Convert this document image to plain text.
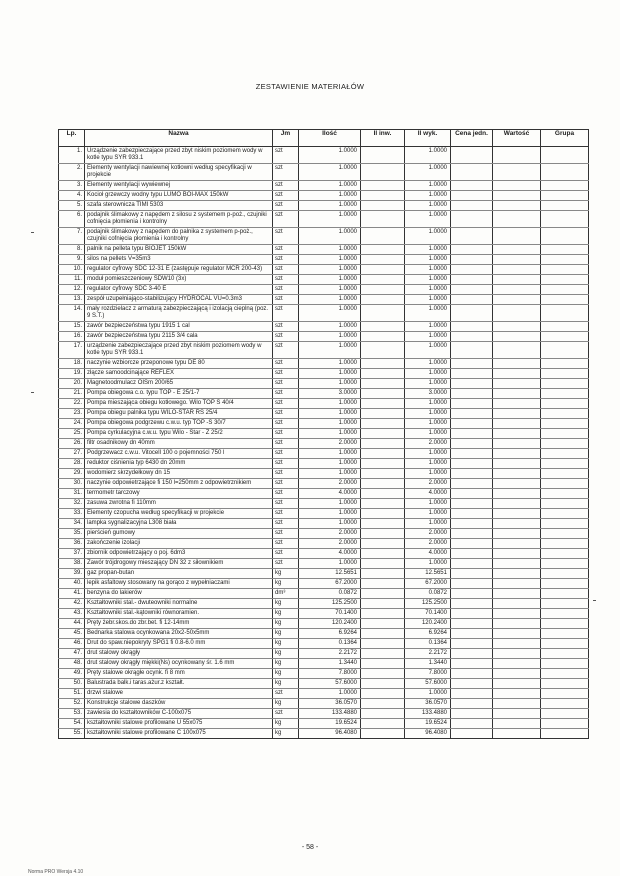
ZESTAWIENIE MATERIAŁÓW
Lp.	Nazwa	Jm	Ilość	Il inw.	Il wyk.	Cena jedn.	Wartość	Grupa
1.	Urządzenie zabezpieczające przed zbyt niskim poziomem wody w kotle typu SYR 933.1	szt	1.0000		1.0000			
2.	Elementy wentylacji nawiewnej kotłowni według specyfikacji w projekcie	szt	1.0000		1.0000			
3.	Elementy wentylacji wywiewnej	szt	1.0000		1.0000			
4.	Kocioł grzewczy wodny typu LUMO BOI-MAX 150kW	szt	1.0000		1.0000			
5.	szafa sterownicza TIMI 5303	szt	1.0000		1.0000			
6.	podajnik ślimakowy z napędem z silosu z systemem p-poż., czujniki cofnięcia płomienia i kontrolny	szt	1.0000		1.0000			
7.	podajnik ślimakowy z napędem do palnika z systemem p-poż., czujniki cofnięcia płomienia i kontrolny	szt	1.0000		1.0000			
8.	palnik na pelleta typu BIOJET 150kW	szt	1.0000		1.0000			
9.	silos na pellets V=35m3	szt	1.0000		1.0000			
10.	regulator cyfrowy SDC 12-31 E (zastępuje regulator MCR 200-43)	szt	1.0000		1.0000			
11.	moduł pomieszczeniowy SDW10 (3x)	szt	1.0000		1.0000			
12.	regulator cyfrowy SDC 3-40 E	szt	1.0000		1.0000			
13.	zespół uzupełniająco-stabilizujący HYDROCAL VU=0.3m3	szt	1.0000		1.0000			
14.	mały rozdzielacz z armaturą zabezpieczającą i izolacją cieplną (poz. 9 S.T.)	szt	1.0000		1.0000			
15.	zawór bezpieczeństwa typu 1915 1 cal	szt	1.0000		1.0000			
16.	zawór bezpieczeństwa typu 2115 3/4 cala	szt	1.0000		1.0000			
17.	urządzenie zabezpieczające przed zbyt niskim poziomem wody w kotle typu SYR 933.1	szt	1.0000		1.0000			
18.	naczynie wzbiorcze przeponowe typu DE 80	szt	1.0000		1.0000			
19.	złącze samoodcinające REFLEX	szt	1.0000		1.0000			
20.	Magnetoodmulacz OISm 200/65	szt	1.0000		1.0000			
21.	Pompa obiegowa c.o. typu TOP - E 25/1-7	szt	3.0000		3.0000			
22.	Pompa mieszająca obiegu kotłowego. Wilo TOP S 40/4	szt	1.0000		1.0000			
23.	Pompa obiegu palnika typu WILO-STAR RS 25/4	szt	1.0000		1.0000			
24.	Pompa obiegowa podgrzewu c.w.u. typ TOP -S 30/7	szt	1.0000		1.0000			
25.	Pompa cyrkulacyjna c.w.u. typu Wilo - Star - Z 25/2	szt	1.0000		1.0000			
26.	filtr osadnikowy dn 40mm	szt	2.0000		2.0000			
27.	Podgrzewacz c.w.u. Vitocell 100 o pojemności 750 l	szt	1.0000		1.0000			
28.	reduktor ciśnienia typ 6430 dn 20mm	szt	1.0000		1.0000			
29.	wodomierz skrzydełkowy dn 15	szt	1.0000		1.0000			
30.	naczynie odpowietrzające fi 150 l=250mm z odpowietrznikiem	szt	2.0000		2.0000			
31.	termometr tarczowy	szt	4.0000		4.0000			
32.	zasuwa zwrotna fi 110mm	szt	1.0000		1.0000			
33.	Elementy czopucha według specyfikacji w projekcie	szt	1.0000		1.0000			
34.	lampka sygnalizacyjna L308 biała	szt	1.0000		1.0000			
35.	pierścień gumowy	szt	2.0000		2.0000			
36.	zakończenie izolacji	szt	2.0000		2.0000			
37.	zbiornik odpowietrzający o poj. 6dm3	szt	4.0000		4.0000			
38.	Zawór trójdrogowy mieszający DN 32 z siłownikiem	szt	1.0000		1.0000			
39.	gaz propan-butan	kg	12.5651		12.5651			
40.	lepik asfaltowy stosowany na gorąco z wypełniaczami	kg	67.2000		67.2000			
41.	benzyna do lakierów	dm³	0.0872		0.0872			
42.	Kształtowniki stal.- dwuteowniki normalne	kg	125.2500		125.2500			
43.	Kształtowniki stal.-kątowniki równoramien.	kg	70.1400		70.1400			
44.	Pręty żebr.skos.do zbr.bet. fi 12-14mm	kg	120.2400		120.2400			
45.	Bednarka stalowa ocynkowana 20x2-50x5mm	kg	6.9264		6.9264			
46.	Drut do spaw.niepokryty SPG1 fi 0.8-6.0 mm	kg	0.1364		0.1364			
47.	drut stalowy okrągły	kg	2.2172		2.2172			
48.	drut stalowy okrągły miękki(Ns) ocynkowany śr. 1.6 mm	kg	1.3440		1.3440			
49.	Pręty stalowe okrągłe ocynk. fi 8 mm	kg	7.8000		7.8000			
50.	Balustrada balk.i taras.ażur.z kształt.	kg	57.6000		57.6000			
51.	drzwi stalowe	szt	1.0000		1.0000			
52.	Konstrukcje stalowe daszków	kg	36.0570		36.0570			
53.	zawiesia do kształtowników C-100x075	szt	133.4880		133.4880			
54.	kształtowniki stalowe profilowane U 55x075	kg	19.6524		19.6524			
55.	kształtowniki stalowe profilowane C 100x075	kg	96.4080		96.4080			
- 58 -
Norma PRO Wersja 4.10
